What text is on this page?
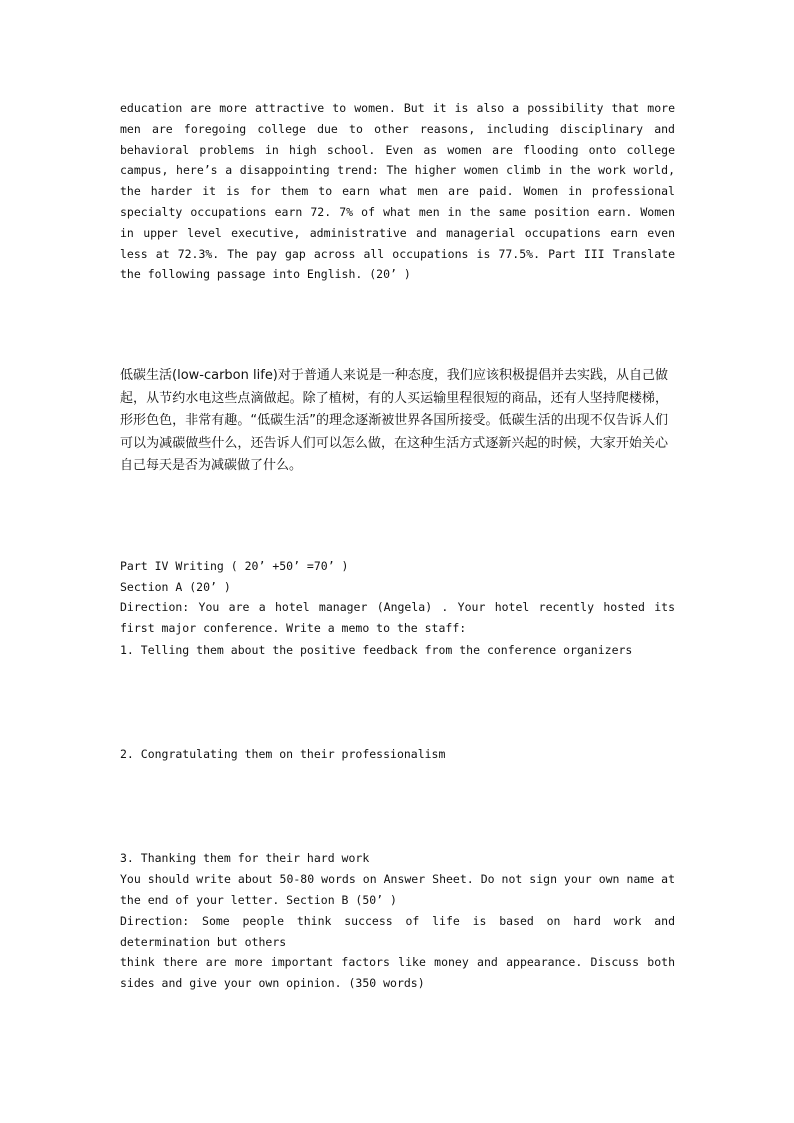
education are more attractive to women. But it is also a possibility that more men are foregoing college due to other reasons, including disciplinary and behavioral problems in high school. Even as women are flooding onto college campus, here’s a disappointing trend: The higher women climb in the work world, the harder it is for them to earn what men are paid. Women in professional specialty occupations earn 72. 7% of what men in the same position earn. Women in upper level executive, administrative and managerial occupations earn even less at 72.3%. The pay gap across all occupations is 77.5%. Part III Translate the following passage into English. (20’ )

低碳生活(low-carbon life)对于普通人来说是一种态度，我们应该积极提倡并去实践，从自己做起，从节约水电这些点滴做起。除了植树，有的人买运输里程很短的商品，还有人坚持爬楼梯，形形色色，非常有趣。“低碳生活”的理念逐渐被世界各国所接受。低碳生活的出现不仅告诉人们可以为减碳做些什么，还告诉人们可以怎么做，在这种生活方式逐新兴起的时候，大家开始关心自己每天是否为减碳做了什么。

Part IV Writing ( 20’ +50’ =70’ )

Section A (20’ )

Direction: You are a hotel manager (Angela) . Your hotel recently hosted its first major conference. Write a memo to the staff:

1. Telling them about the positive feedback from the conference organizers

2. Congratulating them on their professionalism

3. Thanking them for their hard work

You should write about 50-80 words on Answer Sheet. Do not sign your own name at the end of your letter. Section B (50’ )

Direction: Some people think success of life is based on hard work and determination but others

think there are more important factors like money and appearance. Discuss both sides and give your own opinion. (350 words)
